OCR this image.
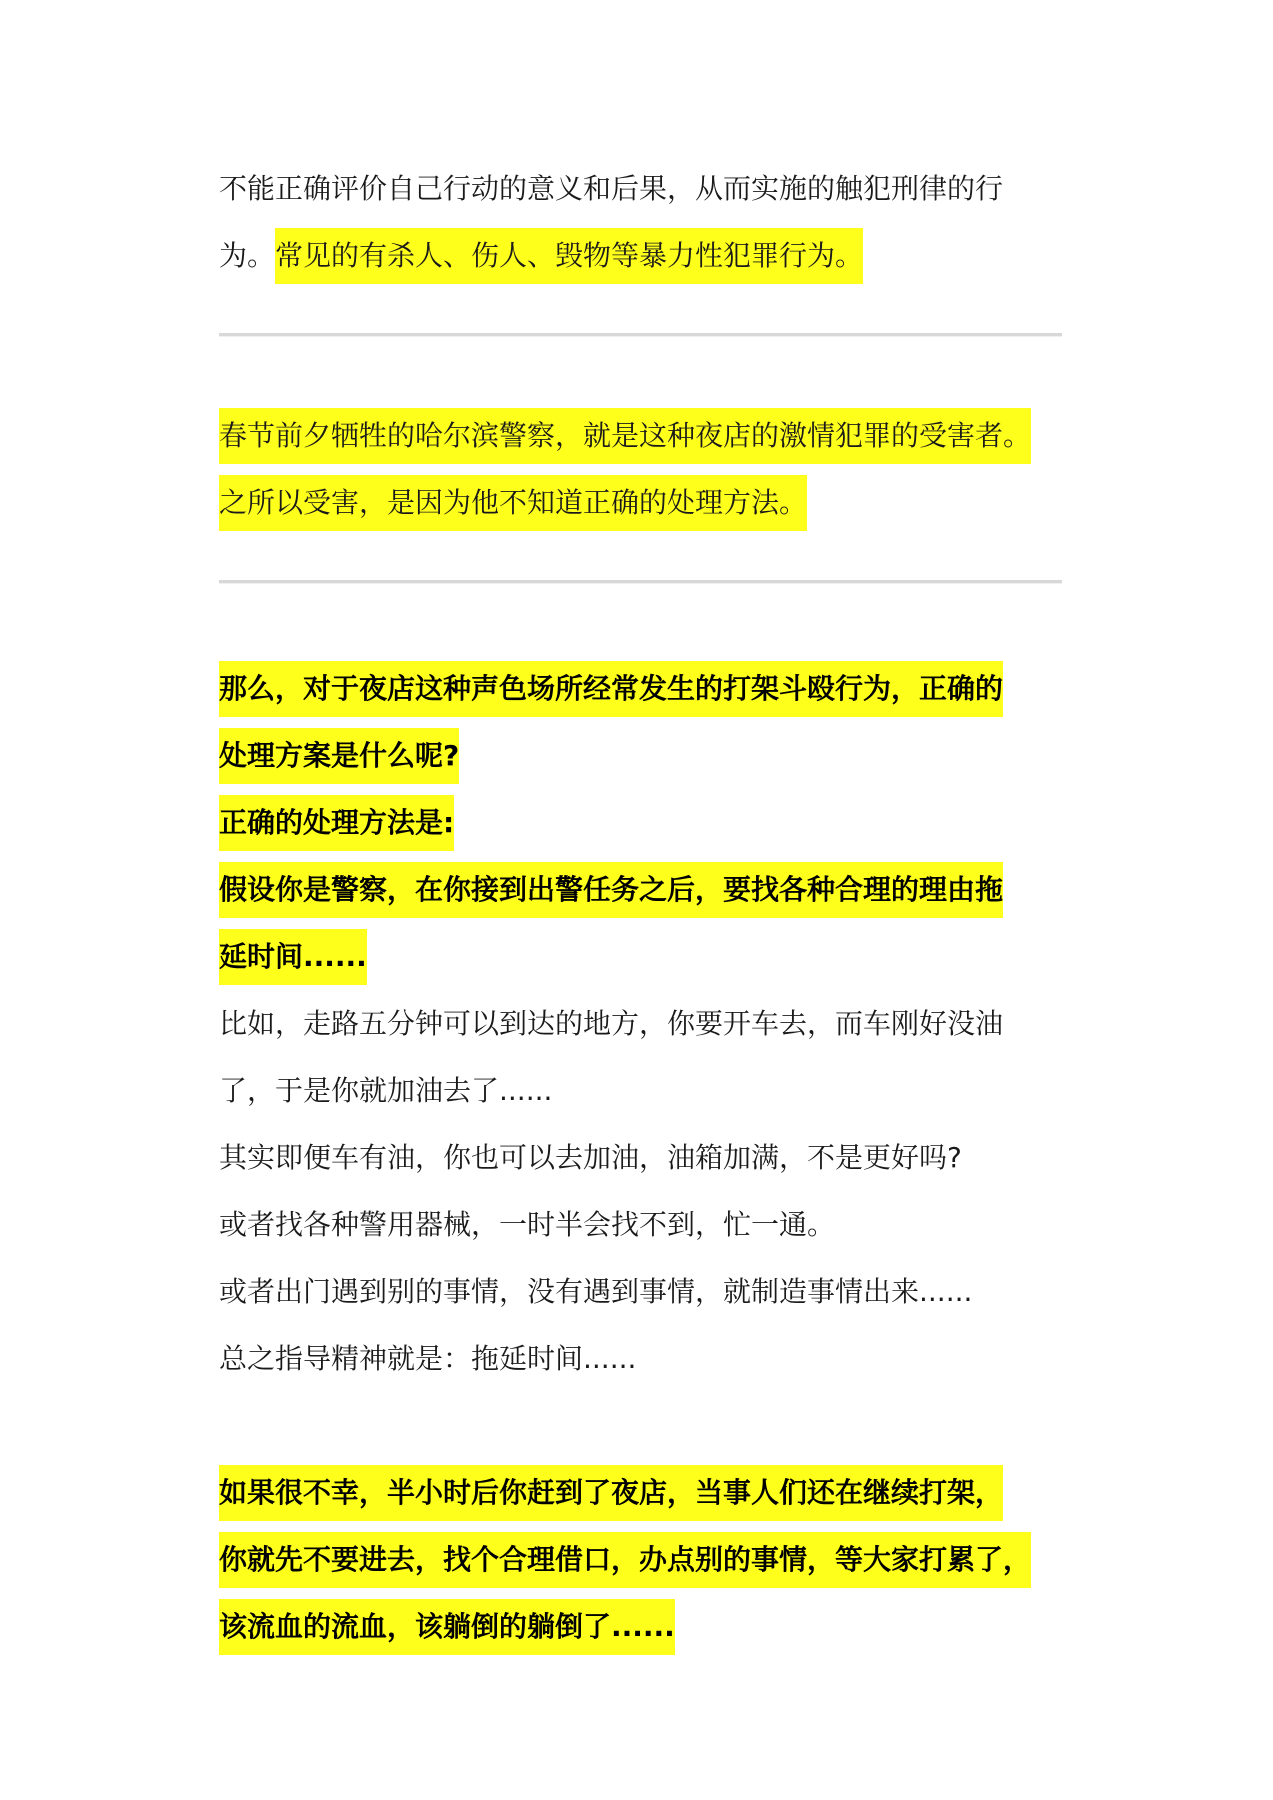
不能正确评价自己行动的意义和后果，从而实施的触犯刑律的行

为。常见的有杀人、伤人、毁物等暴力性犯罪行为。

春节前夕牺牲的哈尔滨警察，就是这种夜店的激情犯罪的受害者。

之所以受害，是因为他不知道正确的处理方法。

那么，对于夜店这种声色场所经常发生的打架斗殴行为，正确的

处理方案是什么呢?

正确的处理方法是:

假设你是警察，在你接到出警任务之后，要找各种合理的理由拖

延时间......

比如，走路五分钟可以到达的地方，你要开车去，而车刚好没油

了，于是你就加油去了......

其实即便车有油，你也可以去加油，油箱加满，不是更好吗?

或者找各种警用器械，一时半会找不到，忙一通。

或者出门遇到别的事情，没有遇到事情，就制造事情出来......

总之指导精神就是：拖延时间......

如果很不幸，半小时后你赶到了夜店，当事人们还在继续打架，

你就先不要进去，找个合理借口，办点别的事情，等大家打累了，

该流血的流血，该躺倒的躺倒了......
